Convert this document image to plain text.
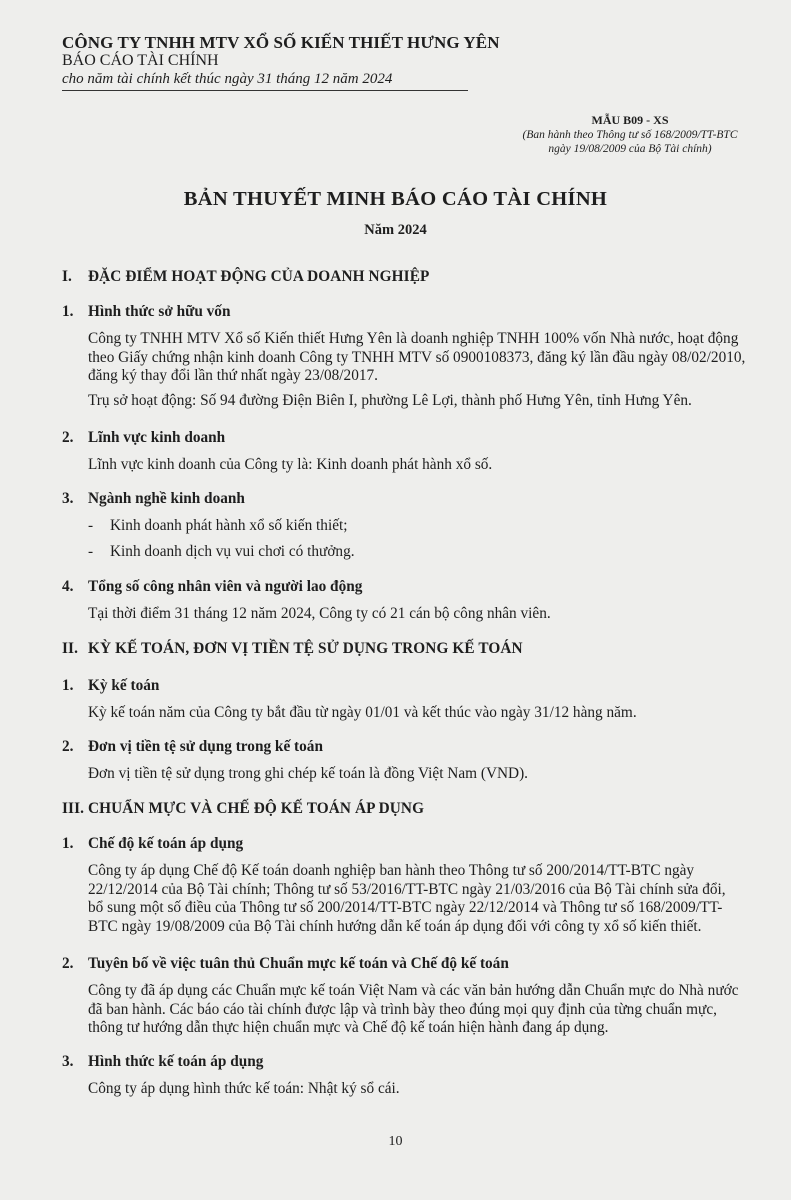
CÔNG TY TNHH MTV XỔ SỐ KIẾN THIẾT HƯNG YÊN
BÁO CÁO TÀI CHÍNH
cho năm tài chính kết thúc ngày 31 tháng 12 năm 2024
MẪU B09 - XS
(Ban hành theo Thông tư số 168/2009/TT-BTC
ngày 19/08/2009 của Bộ Tài chính)
BẢN THUYẾT MINH BÁO CÁO TÀI CHÍNH
Năm 2024
I. ĐẶC ĐIỂM HOẠT ĐỘNG CỦA DOANH NGHIỆP
1. Hình thức sở hữu vốn
Công ty TNHH MTV Xổ số Kiến thiết Hưng Yên là doanh nghiệp TNHH 100% vốn Nhà nước, hoạt động
theo Giấy chứng nhận kinh doanh Công ty TNHH MTV số 0900108373, đăng ký lần đầu ngày 08/02/2010,
đăng ký thay đổi lần thứ nhất ngày 23/08/2017.
Trụ sở hoạt động: Số 94 đường Điện Biên I, phường Lê Lợi, thành phố Hưng Yên, tỉnh Hưng Yên.
2. Lĩnh vực kinh doanh
Lĩnh vực kinh doanh của Công ty là: Kinh doanh phát hành xổ số.
3. Ngành nghề kinh doanh
- Kinh doanh phát hành xổ số kiến thiết;
- Kinh doanh dịch vụ vui chơi có thưởng.
4. Tổng số công nhân viên và người lao động
Tại thời điểm 31 tháng 12 năm 2024, Công ty có 21 cán bộ công nhân viên.
II. KỲ KẾ TOÁN, ĐƠN VỊ TIỀN TỆ SỬ DỤNG TRONG KẾ TOÁN
1. Kỳ kế toán
Kỳ kế toán năm của Công ty bắt đầu từ ngày 01/01 và kết thúc vào ngày 31/12 hàng năm.
2. Đơn vị tiền tệ sử dụng trong kế toán
Đơn vị tiền tệ sử dụng trong ghi chép kế toán là đồng Việt Nam (VND).
III. CHUẨN MỰC VÀ CHẾ ĐỘ KẾ TOÁN ÁP DỤNG
1. Chế độ kế toán áp dụng
Công ty áp dụng Chế độ Kế toán doanh nghiệp ban hành theo Thông tư số 200/2014/TT-BTC ngày
22/12/2014 của Bộ Tài chính; Thông tư số 53/2016/TT-BTC ngày 21/03/2016 của Bộ Tài chính sửa đổi,
bổ sung một số điều của Thông tư số 200/2014/TT-BTC ngày 22/12/2014 và Thông tư số 168/2009/TT-
BTC ngày 19/08/2009 của Bộ Tài chính hướng dẫn kế toán áp dụng đối với công ty xổ số kiến thiết.
2. Tuyên bố về việc tuân thủ Chuẩn mực kế toán và Chế độ kế toán
Công ty đã áp dụng các Chuẩn mực kế toán Việt Nam và các văn bản hướng dẫn Chuẩn mực do Nhà nước
đã ban hành. Các báo cáo tài chính được lập và trình bày theo đúng mọi quy định của từng chuẩn mực,
thông tư hướng dẫn thực hiện chuẩn mực và Chế độ kế toán hiện hành đang áp dụng.
3. Hình thức kế toán áp dụng
Công ty áp dụng hình thức kế toán: Nhật ký sổ cái.
10
